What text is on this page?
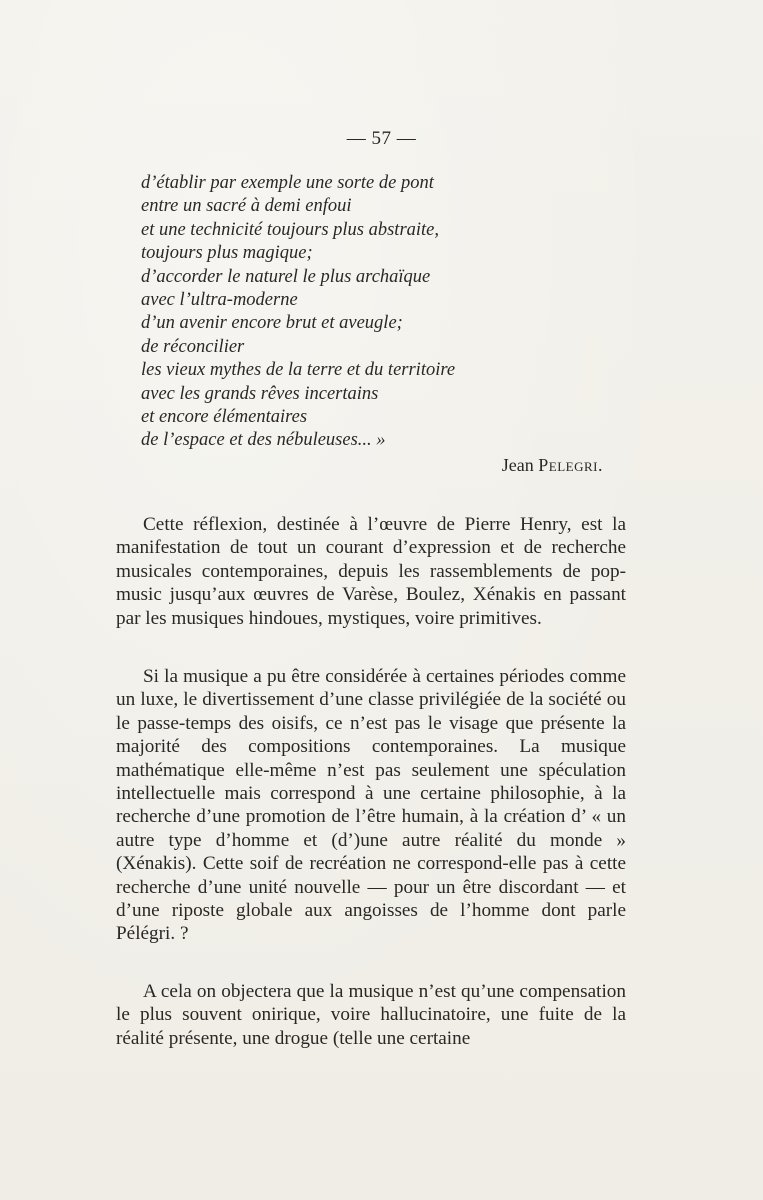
— 57 —
d’établir par exemple une sorte de pont
entre un sacré à demi enfoui
et une technicité toujours plus abstraite,
toujours plus magique;
d’accorder le naturel le plus archaïque
avec l’ultra-moderne
d’un avenir encore brut et aveugle;
de réconcilier
les vieux mythes de la terre et du territoire
avec les grands rêves incertains
et encore élémentaires
de l’espace et des nébuleuses... »
Jean Pelegri.

Cette réflexion, destinée à l’œuvre de Pierre Henry, est la manifestation de tout un courant d’expression et de recherche musicales contemporaines, depuis les rassemblements de pop-music jusqu’aux œuvres de Varèse, Boulez, Xénakis en passant par les musiques hindoues, mystiques, voire primitives.

Si la musique a pu être considérée à certaines périodes comme un luxe, le divertissement d’une classe privilégiée de la société ou le passe-temps des oisifs, ce n’est pas le visage que présente la majorité des compositions contemporaines. La musique mathématique elle-même n’est pas seulement une spéculation intellectuelle mais correspond à une certaine philosophie, à la recherche d’une promotion de l’être humain, à la création d’ « un autre type d’homme et (d’)une autre réalité du monde » (Xénakis). Cette soif de recréation ne correspond-elle pas à cette recherche d’une unité nouvelle — pour un être discordant — et d’une riposte globale aux angoisses de l’homme dont parle Pélégri. ?

A cela on objectera que la musique n’est qu’une compensation le plus souvent onirique, voire hallucinatoire, une fuite de la réalité présente, une drogue (telle une certaine
